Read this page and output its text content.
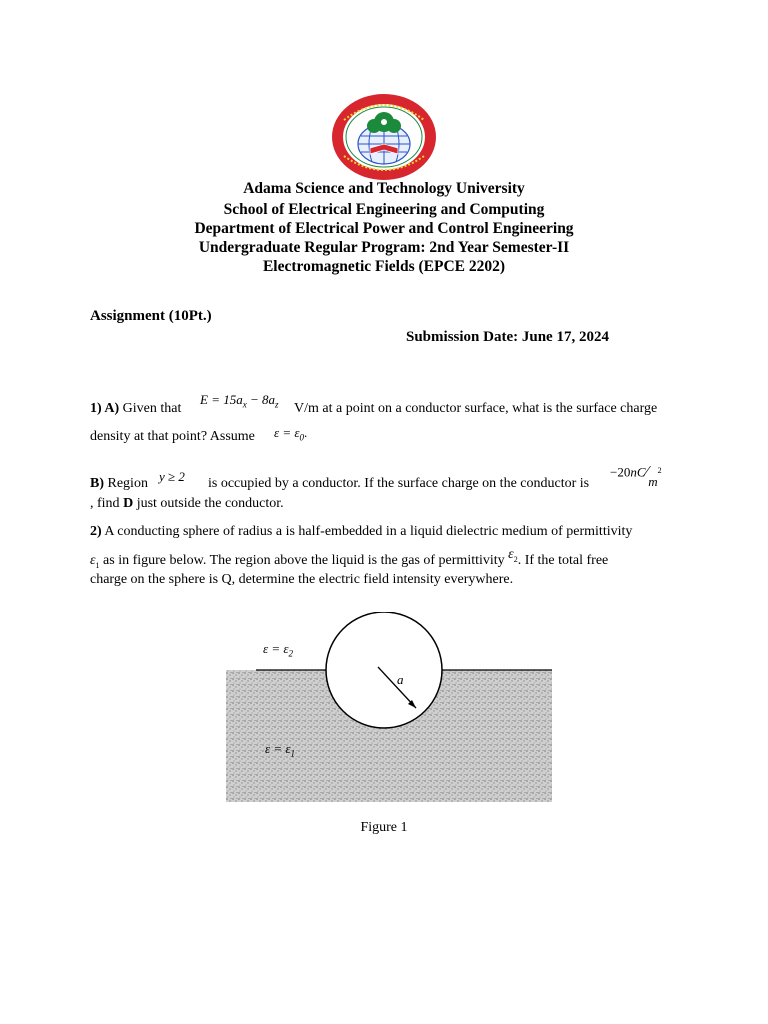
Adama Science and Technology University
School of Electrical Engineering and Computing
Department of Electrical Power and Control Engineering
Undergraduate Regular Program: 2nd Year Semester-II
Electromagnetic Fields (EPCE 2202)
Assignment (10Pt.)
Submission Date: June 17, 2024
1) A) Given that
$E = 15a_x - 8a_z$ V/m at a point on a conductor surface, what is the surface charge
density at that point? Assume $\varepsilon = \varepsilon_0$.
B) Region y ≥ 2 is occupied by a conductor. If the surface charge on the conductor is
$-20nC⁄m^2$
, find D just outside the conductor.
2) A conducting sphere of radius a is half-embedded in a liquid dielectric medium of permittivity
$\varepsilon_1$ as in figure below. The region above the liquid is the gas of permittivity $\varepsilon_2$. If the total free
charge on the sphere is Q, determine the electric field intensity everywhere.
$\varepsilon = \varepsilon_2$
$\varepsilon = \varepsilon_1$
a
Figure 1
